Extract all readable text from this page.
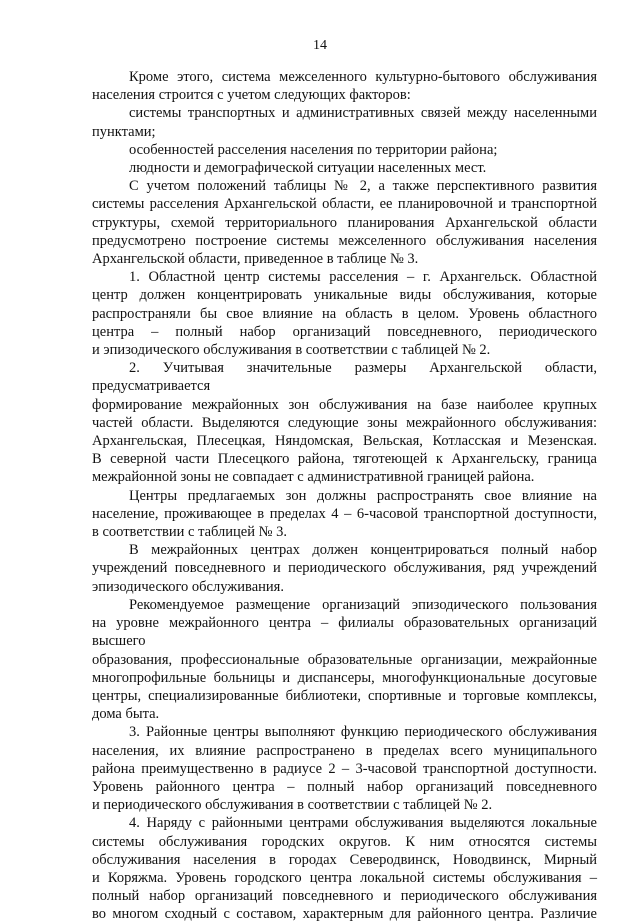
14
Кроме этого, система межселенного культурно-бытового обслуживания
населения строится с учетом следующих факторов:
системы транспортных и административных связей между населенными
пунктами;
особенностей расселения населения по территории района;
людности и демографической ситуации населенных мест.
С учетом положений таблицы № 2, а также перспективного развития
системы расселения Архангельской области, ее планировочной и транспортной
структуры, схемой территориального планирования Архангельской области
предусмотрено построение системы межселенного обслуживания населения
Архангельской области, приведенное в таблице № 3.
1. Областной центр системы расселения – г. Архангельск. Областной
центр должен концентрировать уникальные виды обслуживания, которые
распространяли бы свое влияние на область в целом. Уровень областного
центра – полный набор организаций повседневного, периодического
и эпизодического обслуживания в соответствии с таблицей № 2.
2. Учитывая значительные размеры Архангельской области, предусматривается
формирование межрайонных зон обслуживания на базе наиболее крупных
частей области. Выделяются следующие зоны межрайонного обслуживания:
Архангельская, Плесецкая, Няндомская, Вельская, Котласская и Мезенская.
В северной части Плесецкого района, тяготеющей к Архангельску, граница
межрайонной зоны не совпадает с административной границей района.
Центры предлагаемых зон должны распространять свое влияние на
население, проживающее в пределах 4 – 6-часовой транспортной доступности,
в соответствии с таблицей № 3.
В межрайонных центрах должен концентрироваться полный набор
учреждений повседневного и периодического обслуживания, ряд учреждений
эпизодического обслуживания.
Рекомендуемое размещение организаций эпизодического пользования
на уровне межрайонного центра – филиалы образовательных организаций высшего
образования, профессиональные образовательные организации, межрайонные
многопрофильные больницы и диспансеры, многофункциональные досуговые
центры, специализированные библиотеки, спортивные и торговые комплексы,
дома быта.
3. Районные центры выполняют функцию периодического обслуживания
населения, их влияние распространено в пределах всего муниципального
района преимущественно в радиусе 2 – 3-часовой транспортной доступности.
Уровень районного центра – полный набор организаций повседневного
и периодического обслуживания в соответствии с таблицей № 2.
4. Наряду с районными центрами обслуживания выделяются локальные
системы обслуживания городских округов. К ним относятся системы
обслуживания населения в городах Северодвинск, Новодвинск, Мирный
и Коряжма. Уровень городского центра локальной системы обслуживания –
полный набор организаций повседневного и периодического обслуживания
во многом сходный с составом, характерным для районного центра. Различие
